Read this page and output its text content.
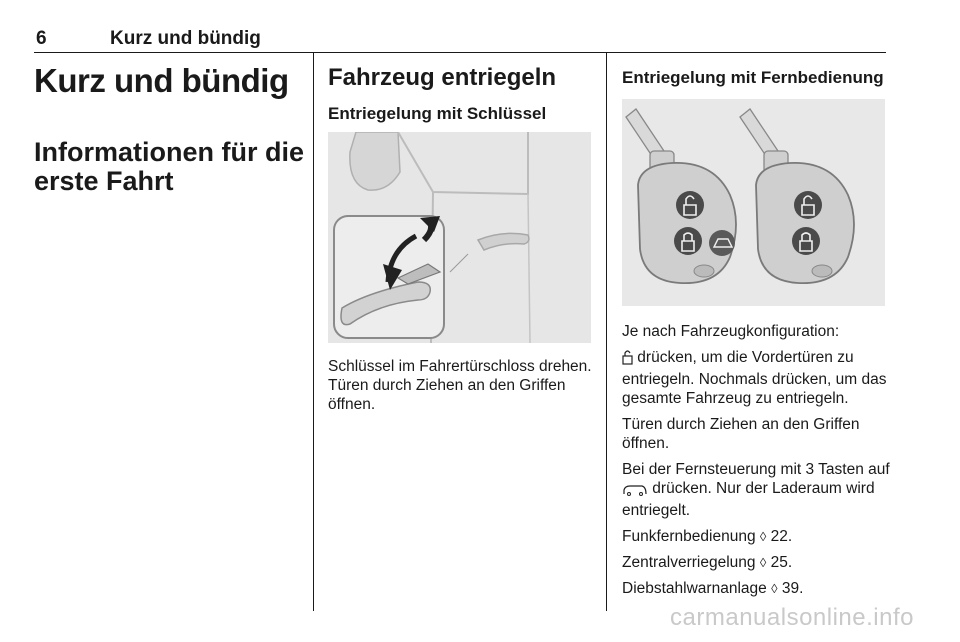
6	Kurz und bündig
Kurz und bündig
Informationen für die erste Fahrt
Fahrzeug entriegeln
Entriegelung mit Schlüssel
Schlüssel im Fahrertürschloss drehen. Türen durch Ziehen an den Griffen öffnen.
Entriegelung mit Fernbedienung

Je nach Fahrzeugkonfiguration:

drücken, um die Vordertüren zu entriegeln. Nochmals drücken, um das gesamte Fahrzeug zu entriegeln.

Türen durch Ziehen an den Griffen öffnen.

Bei der Fernsteuerung mit 3 Tasten auf  drücken. Nur der Laderaum wird entriegelt.

Funkfernbedienung ◊ 22.

Zentralverriegelung ◊ 25.

Diebstahlwarnanlage ◊ 39.

carmanualsonline.info
